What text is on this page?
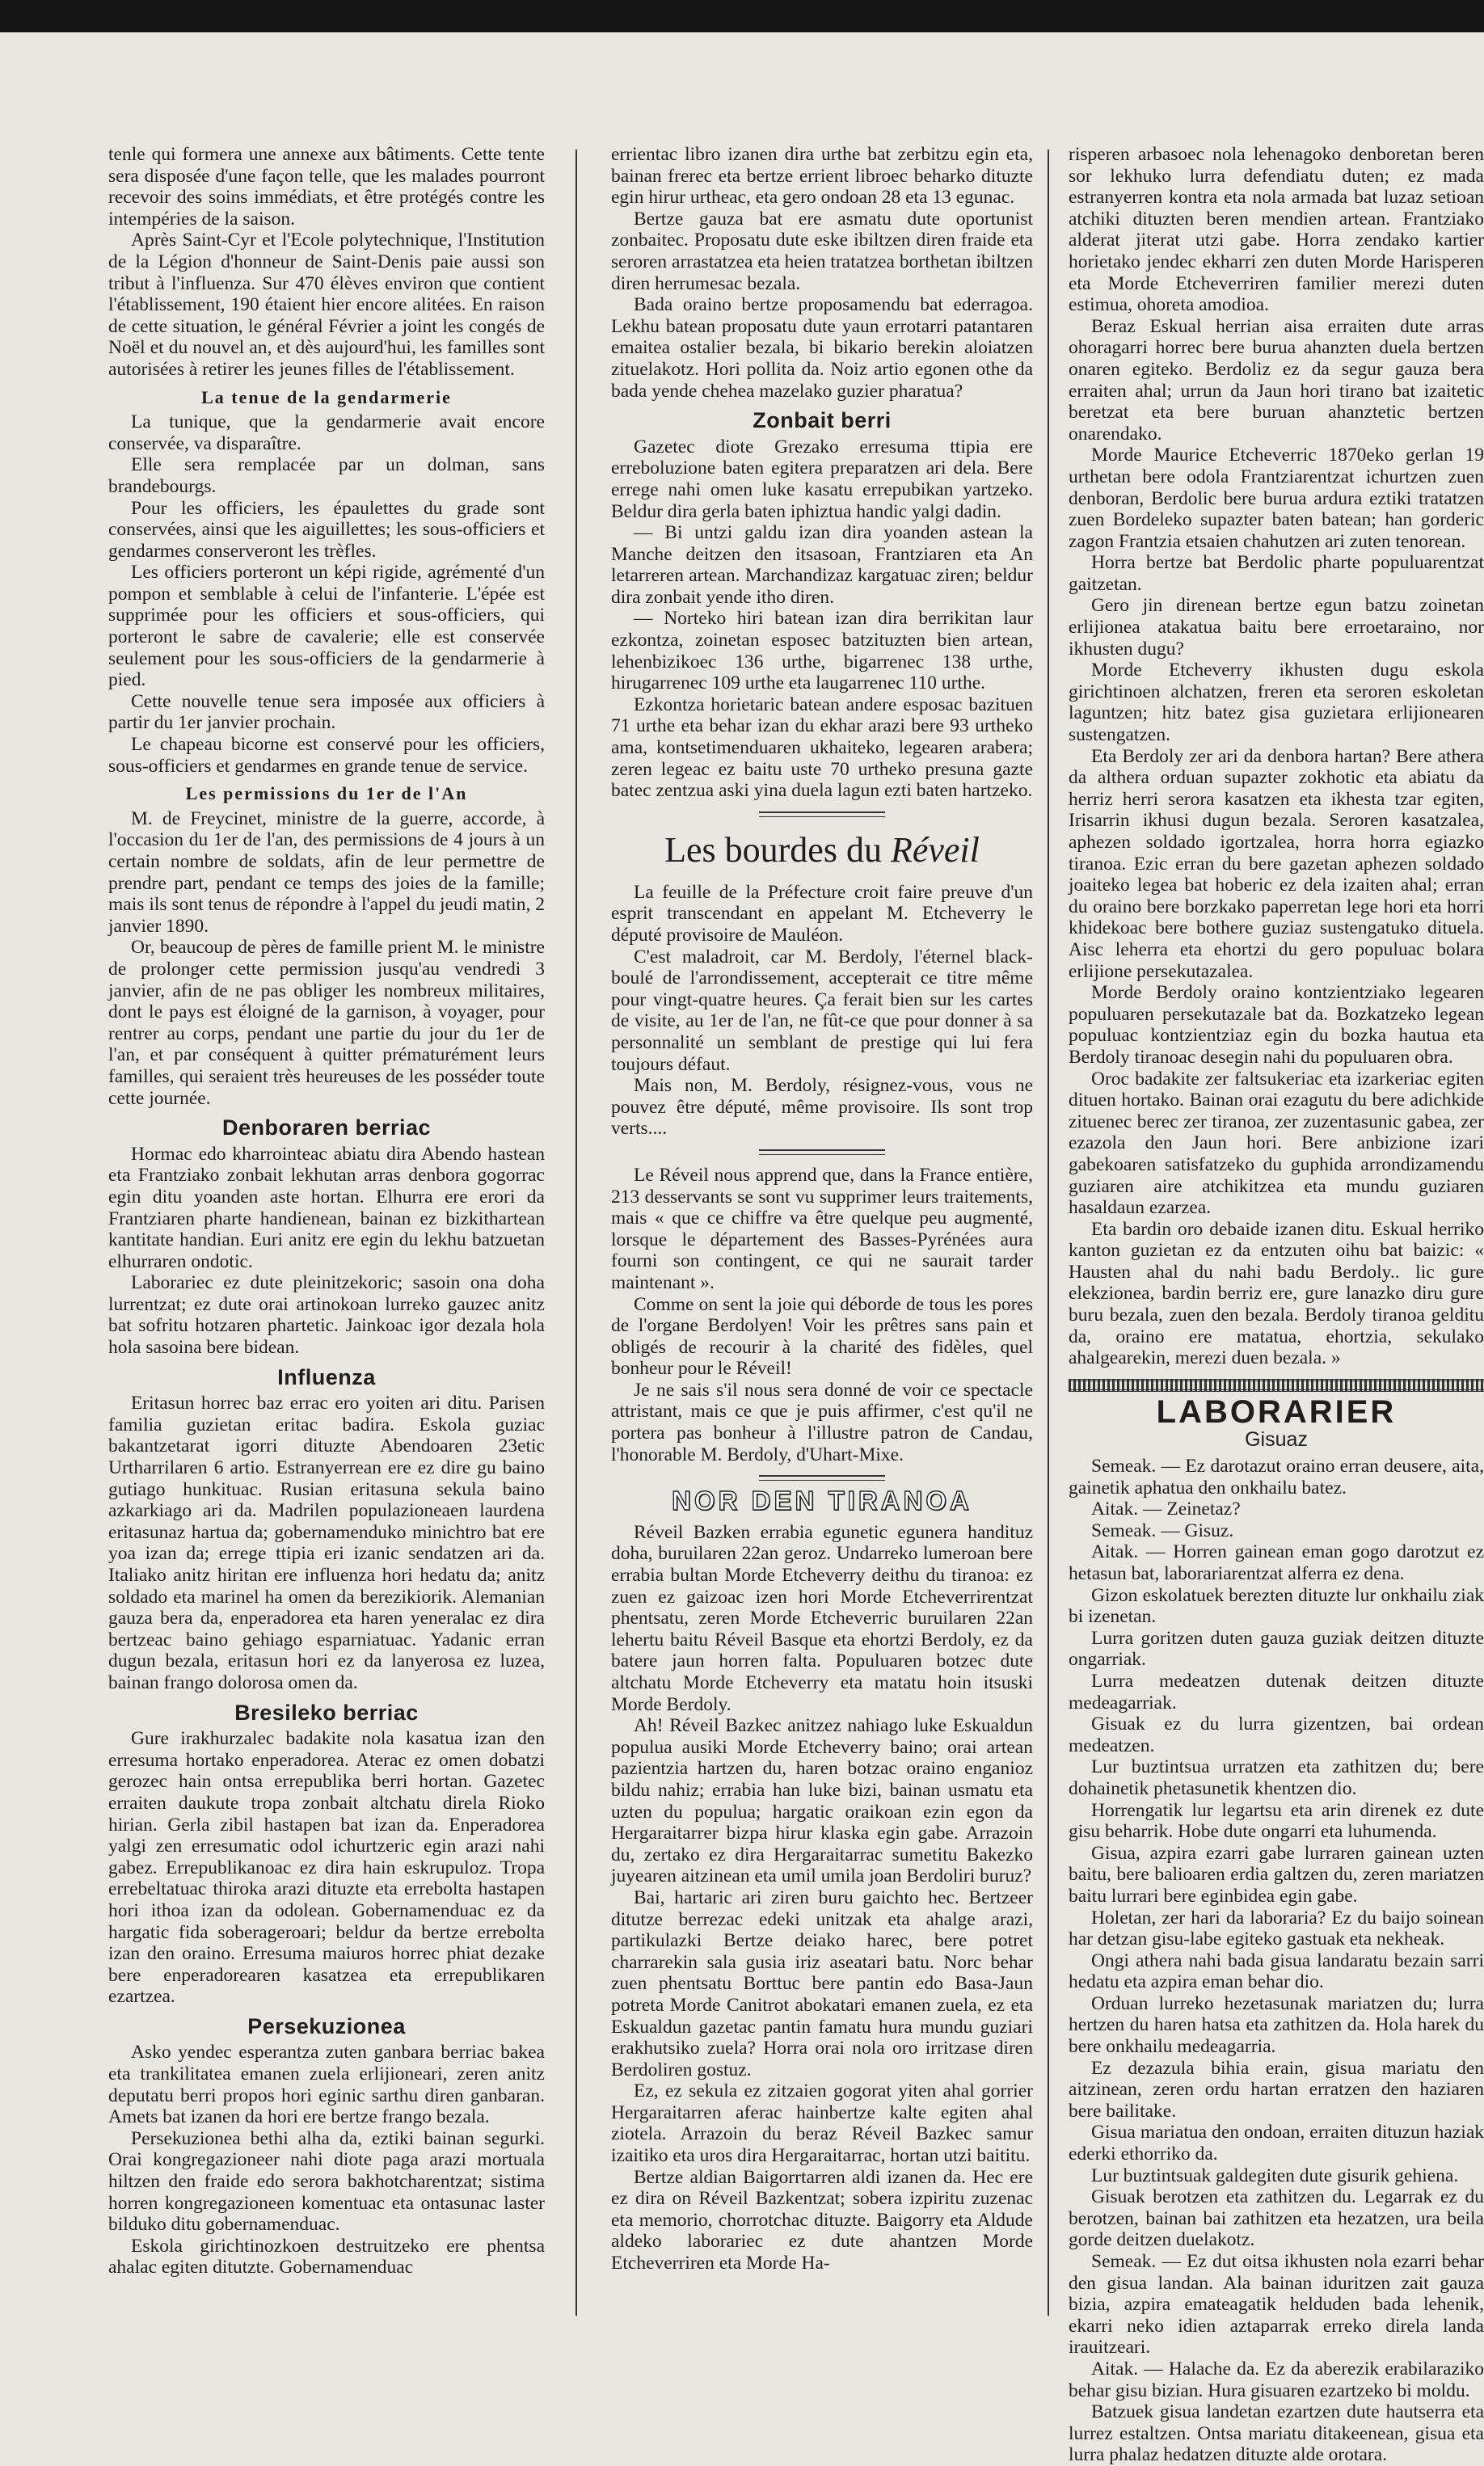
tenle qui formera une annexe aux bâtiments. Cette tente sera disposée d'une façon telle, que les malades pourront recevoir des soins immédiats, et être protégés contre les intempéries de la saison.

Après Saint-Cyr et l'Ecole polytechnique, l'Institution de la Légion d'honneur de Saint-Denis paie aussi son tribut à l'influenza. Sur 470 élèves environ que contient l'établissement, 190 étaient hier encore alitées. En raison de cette situation, le général Février a joint les congés de Noël et du nouvel an, et dès aujourd'hui, les familles sont autorisées à retirer les jeunes filles de l'établissement.

La tenue de la gendarmerie

La tunique, que la gendarmerie avait encore conservée, va disparaître.

Elle sera remplacée par un dolman, sans brandebourgs.

Pour les officiers, les épaulettes du grade sont conservées, ainsi que les aiguillettes; les sous-officiers et gendarmes conserveront les trèfles.

Les officiers porteront un képi rigide, agrémenté d'un pompon et semblable à celui de l'infanterie. L'épée est supprimée pour les officiers et sous-officiers, qui porteront le sabre de cavalerie; elle est conservée seulement pour les sous-officiers de la gendarmerie à pied.

Cette nouvelle tenue sera imposée aux officiers à partir du 1er janvier prochain.

Le chapeau bicorne est conservé pour les officiers, sous-officiers et gendarmes en grande tenue de service.

Les permissions du 1er de l'An

M. de Freycinet, ministre de la guerre, accorde, à l'occasion du 1er de l'an, des permissions de 4 jours à un certain nombre de soldats, afin de leur permettre de prendre part, pendant ce temps des joies de la famille; mais ils sont tenus de répondre à l'appel du jeudi matin, 2 janvier 1890.

Or, beaucoup de pères de famille prient M. le ministre de prolonger cette permission jusqu'au vendredi 3 janvier, afin de ne pas obliger les nombreux militaires, dont le pays est éloigné de la garnison, à voyager, pour rentrer au corps, pendant une partie du jour du 1er de l'an, et par conséquent à quitter prématurément leurs familles, qui seraient très heureuses de les posséder toute cette journée.

Denboraren berriac

Hormac edo kharrointeac abiatu dira Abendo hastean eta Frantziako zonbait lekhutan arras denbora gogorrac egin ditu yoanden aste hortan. Elhurra ere erori da Frantziaren pharte handienean, bainan ez bizkithartean kantitate handian. Euri anitz ere egin du lekhu batzuetan elhurraren ondotic.

Laborariec ez dute pleinitzekoric; sasoin ona doha lurrentzat; ez dute orai artinokoan lurreko gauzec anitz bat sofritu hotzaren phartetic. Jainkoac igor dezala hola hola sasoina bere bidean.

Influenza

Eritasun horrec baz errac ero yoiten ari ditu. Parisen familia guzietan eritac badira. Eskola guziac bakantzetarat igorri dituzte Abendoaren 23etic Urtharrilaren 6 artio. Estranyerrean ere ez dire gu baino gutiago hunkituac. Rusian eritasuna sekula baino azkarkiago ari da. Madrilen populazioneaen laurdena eritasunaz hartua da; gobernamenduko minichtro bat ere yoa izan da; errege ttipia eri izanic sendatzen ari da. Italiako anitz hiritan ere influenza hori hedatu da; anitz soldado eta marinel ha omen da berezikiorik. Alemanian gauza bera da, enperadorea eta haren yeneralac ez dira bertzeac baino gehiago esparniatuac. Yadanic erran dugun bezala, eritasun hori ez da lanyerosa ez luzea, bainan frango dolorosa omen da.

Bresileko berriac

Gure irakhurzalec badakite nola kasatua izan den erresuma hortako enperadorea. Aterac ez omen dobatzi gerozec hain ontsa errepublika berri hortan. Gazetec erraiten daukute tropa zonbait altchatu direla Rioko hirian. Gerla zibil hastapen bat izan da. Enperadorea yalgi zen erresumatic odol ichurtzeric egin arazi nahi gabez. Errepublikanoac ez dira hain eskrupuloz. Tropa errebeltatuac thiroka arazi dituzte eta errebolta hastapen hori ithoa izan da odolean. Gobernamenduac ez da hargatic fida soberageroari; beldur da bertze errebolta izan den oraino. Erresuma maiuros horrec phiat dezake bere enperadorearen kasatzea eta errepublikaren ezartzea.

Persekuzionea

Asko yendec esperantza zuten ganbara berriac bakea eta trankilitatea emanen zuela erlijioneari, zeren anitz deputatu berri propos hori eginic sarthu diren ganbaran. Amets bat izanen da hori ere bertze frango bezala.

Persekuzionea bethi alha da, eztiki bainan segurki. Orai kongregazioneer nahi diote paga arazi mortuala hiltzen den fraide edo serora bakhotcharentzat; sistima horren kongregazioneen komentuac eta ontasunac laster bilduko ditu gobernamenduac.

Eskola girichtinozkoen destruitzeko ere phentsa ahalac egiten ditutzte. Gobernamenduac

errientac libro izanen dira urthe bat zerbitzu egin eta, bainan frerec eta bertze errient libroec beharko dituzte egin hirur urtheac, eta gero ondoan 28 eta 13 egunac.

Bertze gauza bat ere asmatu dute oportunist zonbaitec. Proposatu dute eske ibiltzen diren fraide eta seroren arrastatzea eta heien tratatzea borthetan ibiltzen diren herrumesac bezala.

Bada oraino bertze proposamendu bat ederragoa. Lekhu batean proposatu dute yaun errotarri patantaren emaitea ostalier bezala, bi bikario berekin aloiatzen zituelakotz. Hori pollita da. Noiz artio egonen othe da bada yende chehea mazelako guzier pharatua?

Zonbait berri

Gazetec diote Grezako erresuma ttipia ere erreboluzione baten egitera preparatzen ari dela. Bere errege nahi omen luke kasatu errepubikan yartzeko. Beldur dira gerla baten iphiztua handic yalgi dadin.

— Bi untzi galdu izan dira yoanden astean la Manche deitzen den itsasoan, Frantziaren eta An letarreren artean. Marchandizaz kargatuac ziren; beldur dira zonbait yende itho diren.

— Norteko hiri batean izan dira berrikitan laur ezkontza, zoinetan esposec batzituzten bien artean, lehenbizikoec 136 urthe, bigarrenec 138 urthe, hirugarrenec 109 urthe eta laugarrenec 110 urthe.

Ezkontza horietaric batean andere esposac bazituen 71 urthe eta behar izan du ekhar arazi bere 93 urtheko ama, kontsetimenduaren ukhaiteko, legearen arabera; zeren legeac ez baitu uste 70 urtheko presuna gazte batec zentzua aski yina duela lagun ezti baten hartzeko.

Les bourdes du Réveil

La feuille de la Préfecture croit faire preuve d'un esprit transcendant en appelant M. Etcheverry le député provisoire de Mauléon.

C'est maladroit, car M. Berdoly, l'éternel black-boulé de l'arrondissement, accepterait ce titre même pour vingt-quatre heures. Ça ferait bien sur les cartes de visite, au 1er de l'an, ne fût-ce que pour donner à sa personnalité un semblant de prestige qui lui fera toujours défaut.

Mais non, M. Berdoly, résignez-vous, vous ne pouvez être député, même provisoire. Ils sont trop verts....

Le Réveil nous apprend que, dans la France entière, 213 desservants se sont vu supprimer leurs traitements, mais « que ce chiffre va être quelque peu augmenté, lorsque le département des Basses-Pyrénées aura fourni son contingent, ce qui ne saurait tarder maintenant ».

Comme on sent la joie qui déborde de tous les pores de l'organe Berdolyen! Voir les prêtres sans pain et obligés de recourir à la charité des fidèles, quel bonheur pour le Réveil!

Je ne sais s'il nous sera donné de voir ce spectacle attristant, mais ce que je puis affirmer, c'est qu'il ne portera pas bonheur à l'illustre patron de Candau, l'honorable M. Berdoly, d'Uhart-Mixe.

NOR DEN TIRANOA

Réveil Bazken errabia egunetic egunera handituz doha, buruilaren 22an geroz. Undarreko lumeroan bere errabia bultan Morde Etcheverry deithu du tiranoa: ez zuen ez gaizoac izen hori Morde Etcheverrirentzat phentsatu, zeren Morde Etcheverric buruilaren 22an lehertu baitu Réveil Basque eta ehortzi Berdoly, ez da batere jaun horren falta. Populuaren botzec dute altchatu Morde Etcheverry eta matatu hoin itsuski Morde Berdoly.

Ah! Réveil Bazkec anitzez nahiago luke Eskualdun populua ausiki Morde Etcheverry baino; orai artean pazientzia hartzen du, haren botzac oraino enganioz bildu nahiz; errabia han luke bizi, bainan usmatu eta uzten du populua; hargatic oraikoan ezin egon da Hergaraitarrer bizpa hirur klaska egin gabe. Arrazoin du, zertako ez dira Hergaraitarrac sumetitu Bakezko juyearen aitzinean eta umil umila joan Berdoliri buruz?

Bai, hartaric ari ziren buru gaichto hec. Bertzeer ditutze berrezac edeki unitzak eta ahalge arazi, partikulazki Bertze deiako harec, bere potret charrarekin sala gusia iriz aseatari batu. Norc behar zuen phentsatu Borttuc bere pantin edo Basa-Jaun potreta Morde Canitrot abokatari emanen zuela, ez eta Eskualdun gazetac pantin famatu hura mundu guziari erakhutsiko zuela? Horra orai nola oro irritzase diren Berdoliren gostuz.

Ez, ez sekula ez zitzaien gogorat yiten ahal gorrier Hergaraitarren aferac hainbertze kalte egiten ahal ziotela. Arrazoin du beraz Réveil Bazkec samur izaitiko eta uros dira Hergaraitarrac, hortan utzi baititu.

Bertze aldian Baigorrtarren aldi izanen da. Hec ere ez dira on Réveil Bazkentzat; sobera izpiritu zuzenac eta memorio, chorrotchac dituzte. Baigorry eta Aldude aldeko laborariec ez dute ahantzen Morde Etcheverriren eta Morde Ha-

risperen arbasoec nola lehenagoko denboretan beren sor lekhuko lurra defendiatu duten; ez mada estranyerren kontra eta nola armada bat luzaz setioan atchiki dituzten beren mendien artean. Frantziako alderat jiterat utzi gabe. Horra zendako kartier horietako jendec ekharri zen duten Morde Harisperen eta Morde Etcheverriren familier merezi duten estimua, ohoreta amodioa.

Beraz Eskual herrian aisa erraiten dute arras ohoragarri horrec bere burua ahanzten duela bertzen onaren egiteko. Berdoliz ez da segur gauza bera erraiten ahal; urrun da Jaun hori tirano bat izaitetic beretzat eta bere buruan ahanztetic bertzen onarendako.

Morde Maurice Etcheverric 1870eko gerlan 19 urthetan bere odola Frantziarentzat ichurtzen zuen denboran, Berdolic bere burua ardura eztiki tratatzen zuen Bordeleko supazter baten batean; han gorderic zagon Frantzia etsaien chahutzen ari zuten tenorean.

Horra bertze bat Berdolic pharte populuarentzat gaitzetan.

Gero jin direnean bertze egun batzu zoinetan erlijionea atakatua baitu bere erroetaraino, nor ikhusten dugu?

Morde Etcheverry ikhusten dugu eskola girichtinoen alchatzen, freren eta seroren eskoletan laguntzen; hitz batez gisa guzietara erlijionearen sustengatzen.

Eta Berdoly zer ari da denbora hartan? Bere athera da althera orduan supazter zokhotic eta abiatu da herriz herri serora kasatzen eta ikhesta tzar egiten, Irisarrin ikhusi dugun bezala. Seroren kasatzalea, aphezen soldado igortzalea, horra horra egiazko tiranoa. Ezic erran du bere gazetan aphezen soldado joaiteko legea bat hoberic ez dela izaiten ahal; erran du oraino bere borzkako paperretan lege hori eta horri khidekoac bere bothere guziaz sustengatuko dituela. Aisc leherra eta ehortzi du gero populuac bolara erlijione persekutazalea.

Morde Berdoly oraino kontzientziako legearen populuaren persekutazale bat da. Bozkatzeko legean populuac kontzientziaz egin du bozka hautua eta Berdoly tiranoac desegin nahi du populuaren obra.

Oroc badakite zer faltsukeriac eta izarkeriac egiten dituen hortako. Bainan orai ezagutu du bere adichkide zituenec berec zer tiranoa, zer zuzentasunic gabea, zer ezazola den Jaun hori. Bere anbizione izari gabekoaren satisfatzeko du guphida arrondizamendu guziaren aire atchikitzea eta mundu guziaren hasaldaun ezarzea.

Eta bardin oro debaide izanen ditu. Eskual herriko kanton guzietan ez da entzuten oihu bat baizic: « Hausten ahal du nahi badu Berdoly.. lic gure elekzionea, bardin berriz ere, gure lanazko diru gure buru bezala, zuen den bezala. Berdoly tiranoa gelditu da, oraino ere matatua, ehortzia, sekulako ahalgearekin, merezi duen bezala. »

LABORARIER

Gisuaz

Semeak. — Ez darotazut oraino erran deusere, aita, gainetik aphatua den onkhailu batez.

Aitak. — Zeinetaz?

Semeak. — Gisuz.

Aitak. — Horren gainean eman gogo darotzut ez hetasun bat, laborariarentzat alferra ez dena.

Gizon eskolatuek berezten dituzte lur onkhailu ziak bi izenetan.

Lurra goritzen duten gauza guziak deitzen dituzte ongarriak.

Lurra medeatzen dutenak deitzen dituzte medeagarriak.

Gisuak ez du lurra gizentzen, bai ordean medeatzen.

Lur buztintsua urratzen eta zathitzen du; bere dohainetik phetasunetik khentzen dio.

Horrengatik lur legartsu eta arin direnek ez dute gisu beharrik. Hobe dute ongarri eta luhumenda.

Gisua, azpira ezarri gabe lurraren gainean uzten baitu, bere balioaren erdia galtzen du, zeren mariatzen baitu lurrari bere eginbidea egin gabe.

Holetan, zer hari da laboraria? Ez du baijo soinean har detzan gisu-labe egiteko gastuak eta nekheak.

Ongi athera nahi bada gisua landaratu bezain sarri hedatu eta azpira eman behar dio.

Orduan lurreko hezetasunak mariatzen du; lurra hertzen du haren hatsa eta zathitzen da. Hola harek du bere onkhailu medeagarria.

Ez dezazula bihia erain, gisua mariatu den aitzinean, zeren ordu hartan erratzen den haziaren bere bailitake.

Gisua mariatua den ondoan, erraiten dituzun haziak ederki ethorriko da.

Lur buztintsuak galdegiten dute gisurik gehiena.

Gisuak berotzen eta zathitzen du. Legarrak ez du berotzen, bainan bai zathitzen eta hezatzen, ura beila gorde deitzen duelakotz.

Semeak. — Ez dut oitsa ikhusten nola ezarri behar den gisua landan. Ala bainan iduritzen zait gauza bizia, azpira emateagatik helduden bada lehenik, ekarri neko idien aztaparrak erreko direla landa irauitzeari.

Aitak. — Halache da. Ez da aberezik erabilaraziko behar gisu bizian. Hura gisuaren ezartzeko bi moldu.

Batzuek gisua landetan ezartzen dute hautserra eta lurrez estaltzen. Ontsa mariatu ditakeenean, gisua eta lurra phalaz hedatzen dituzte alde orotara.
